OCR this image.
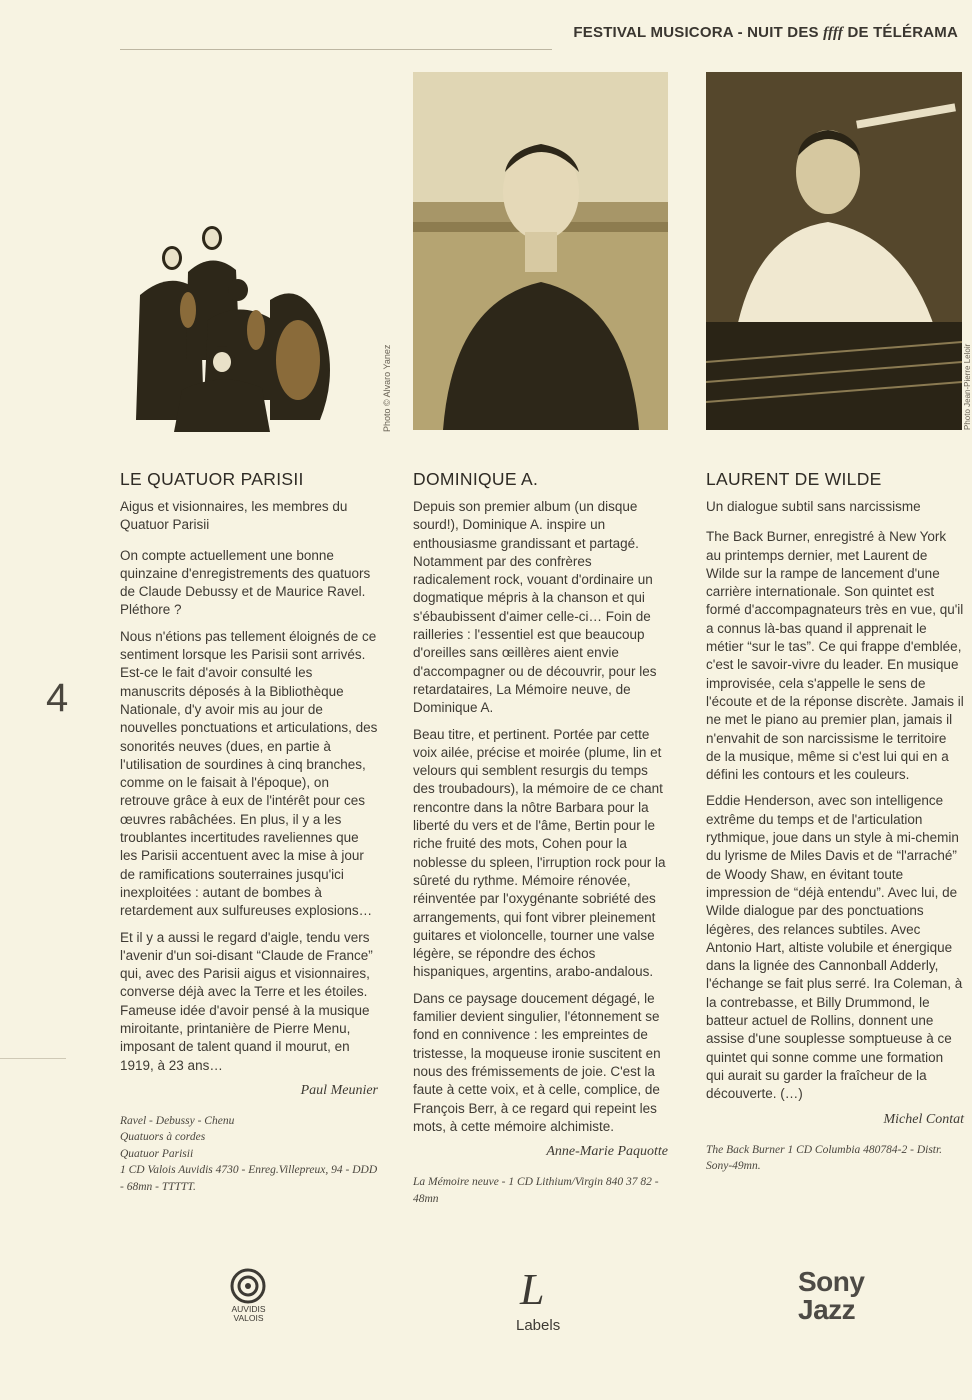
FESTIVAL MUSICORA - NUIT DES ffff DE TÉLÉRAMA
4
Photo © Alvaro Yanez	Photo Jean-Pierre Leloir
LE QUATUOR PARISII

Aigus et visionnaires, les membres du Quatuor Parisii

On compte actuellement une bonne quinzaine d'enregistrements des quatuors de Claude Debussy et de Maurice Ravel. Pléthore ?

Nous n'étions pas tellement éloignés de ce sentiment lorsque les Parisii sont arrivés. Est-ce le fait d'avoir consulté les manuscrits déposés à la Bibliothèque Nationale, d'y avoir mis au jour de nouvelles ponctuations et articulations, des sonorités neuves (dues, en partie à l'utilisation de sourdines à cinq branches, comme on le faisait à l'époque), on retrouve grâce à eux de l'intérêt pour ces œuvres rabâchées. En plus, il y a les troublantes incertitudes raveliennes que les Parisii accentuent avec la mise à jour de ramifications souterraines jusqu'ici inexploitées : autant de bombes à retardement aux sulfureuses explosions…

Et il y a aussi le regard d'aigle, tendu vers l'avenir d'un soi-disant “Claude de France” qui, avec des Parisii aigus et visionnaires, converse déjà avec la Terre et les étoiles. Fameuse idée d'avoir pensé à la musique miroitante, printanière de Pierre Menu, imposant de talent quand il mourut, en 1919, à 23 ans…

Paul Meunier
Ravel - Debussy - Chenu
Quatuors à cordes
Quatuor Parisii
1 CD Valois Auvidis 4730 - Enreg.Villepreux, 94 - DDD - 68mn - TTTTT.
DOMINIQUE A.

Depuis son premier album (un disque sourd!), Dominique A. inspire un enthousiasme grandissant et partagé. Notamment par des confrères radicalement rock, vouant d'ordinaire un dogmatique mépris à la chanson et qui s'ébaubissent d'aimer celle-ci… Foin de railleries : l'essentiel est que beaucoup d'oreilles sans œillères aient envie d'accompagner ou de découvrir, pour les retardataires, La Mémoire neuve, de Dominique A.

Beau titre, et pertinent. Portée par cette voix ailée, précise et moirée (plume, lin et velours qui semblent resurgis du temps des troubadours), la mémoire de ce chant rencontre dans la nôtre Barbara pour la liberté du vers et de l'âme, Bertin pour le riche fruité des mots, Cohen pour la noblesse du spleen, l'irruption rock pour la sûreté du rythme. Mémoire rénovée, réinventée par l'oxygénante sobriété des arrangements, qui font vibrer pleinement guitares et violoncelle, tourner une valse légère, se répondre des échos hispaniques, argentins, arabo-andalous.

Dans ce paysage doucement dégagé, le familier devient singulier, l'étonnement se fond en connivence : les empreintes de tristesse, la moqueuse ironie suscitent en nous des frémissements de joie. C'est la faute à cette voix, et à celle, complice, de François Berr, à ce regard qui repeint les mots, à cette mémoire alchimiste.

Anne-Marie Paquotte
La Mémoire neuve - 1 CD Lithium/Virgin 840 37 82 - 48mn
LAURENT DE WILDE

Un dialogue subtil sans narcissisme

The Back Burner, enregistré à New York au printemps dernier, met Laurent de Wilde sur la rampe de lancement d'une carrière internationale. Son quintet est formé d'accompagnateurs très en vue, qu'il a connus là-bas quand il apprenait le métier “sur le tas”. Ce qui frappe d'emblée, c'est le savoir-vivre du leader. En musique improvisée, cela s'appelle le sens de l'écoute et de la réponse discrète. Jamais il ne met le piano au premier plan, jamais il n'envahit de son narcissisme le territoire de la musique, même si c'est lui qui en a défini les contours et les couleurs.

Eddie Henderson, avec son intelligence extrême du temps et de l'articulation rythmique, joue dans un style à mi-chemin du lyrisme de Miles Davis et de “l'arraché” de Woody Shaw, en évitant toute impression de “déjà entendu”. Avec lui, de Wilde dialogue par des ponctuations légères, des relances subtiles. Avec Antonio Hart, altiste volubile et énergique dans la lignée des Cannonball Adderly, l'échange se fait plus serré. Ira Coleman, à la contrebasse, et Billy Drummond, le batteur actuel de Rollins, donnent une assise d'une souplesse somptueuse à ce quintet qui sonne comme une formation qui aurait su garder la fraîcheur de la découverte. (…)

Michel Contat
The Back Burner 1 CD Columbia 480784-2 - Distr. Sony-49mn.
AUVIDIS
VALOIS
L
Labels
Sony
Jazz
